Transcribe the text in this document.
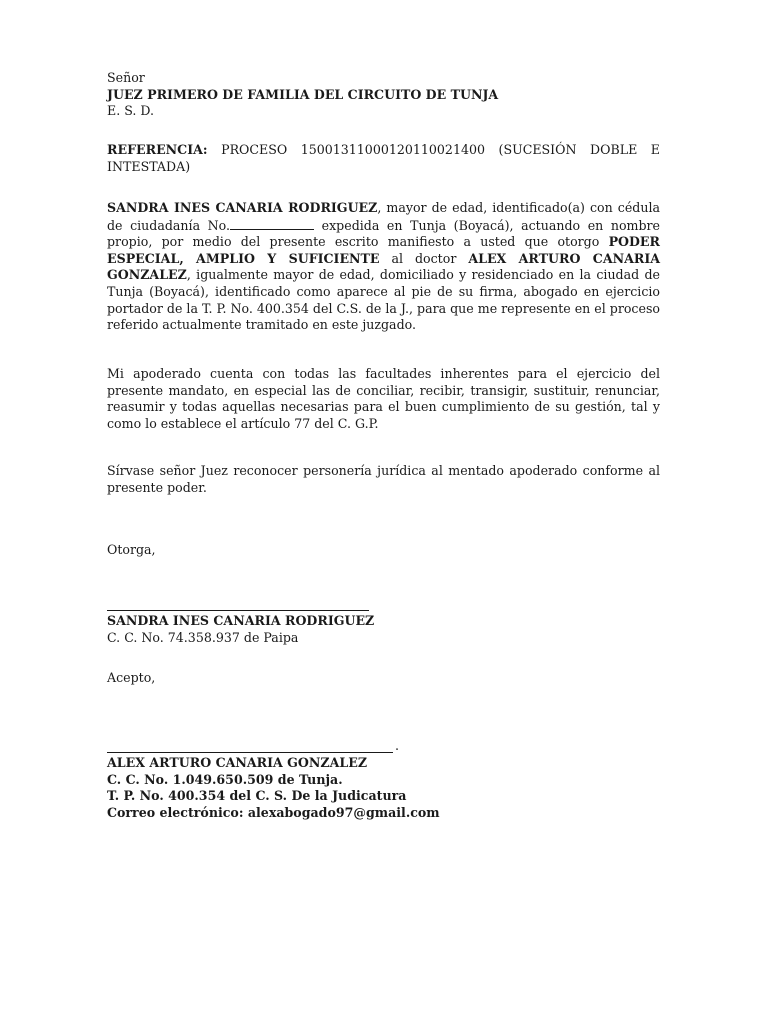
Señor
JUEZ PRIMERO DE FAMILIA DEL CIRCUITO DE TUNJA
E. S. D.

REFERENCIA: PROCESO 15001311000120110021400 (SUCESIÓN DOBLE E INTESTADA)

SANDRA INES CANARIA RODRIGUEZ, mayor de edad, identificado(a) con cédula de ciudadanía No.	expedida en Tunja (Boyacá), actuando en nombre propio, por medio del presente escrito manifiesto a usted que otorgo PODER ESPECIAL, AMPLIO Y SUFICIENTE al doctor ALEX ARTURO CANARIA GONZALEZ, igualmente mayor de edad, domiciliado y residenciado en la ciudad de Tunja (Boyacá), identificado como aparece al pie de su firma, abogado en ejercicio portador de la T. P. No. 400.354 del C.S. de la J., para que me represente en el proceso referido actualmente tramitado en este juzgado.

Mi apoderado cuenta con todas las facultades inherentes para el ejercicio del presente mandato, en especial las de conciliar, recibir, transigir, sustituir, renunciar, reasumir y todas aquellas necesarias para el buen cumplimiento de su gestión, tal y como lo establece el artículo 77 del C. G.P.

Sírvase señor Juez reconocer personería jurídica al mentado apoderado conforme al presente poder.

Otorga,
SANDRA INES CANARIA RODRIGUEZ
C. C. No. 74.358.937 de Paipa
Acepto,
.
ALEX ARTURO CANARIA GONZALEZ
C. C. No. 1.049.650.509 de Tunja.
T. P. No. 400.354 del C. S. De la Judicatura
Correo electrónico: alexabogado97@gmail.com
